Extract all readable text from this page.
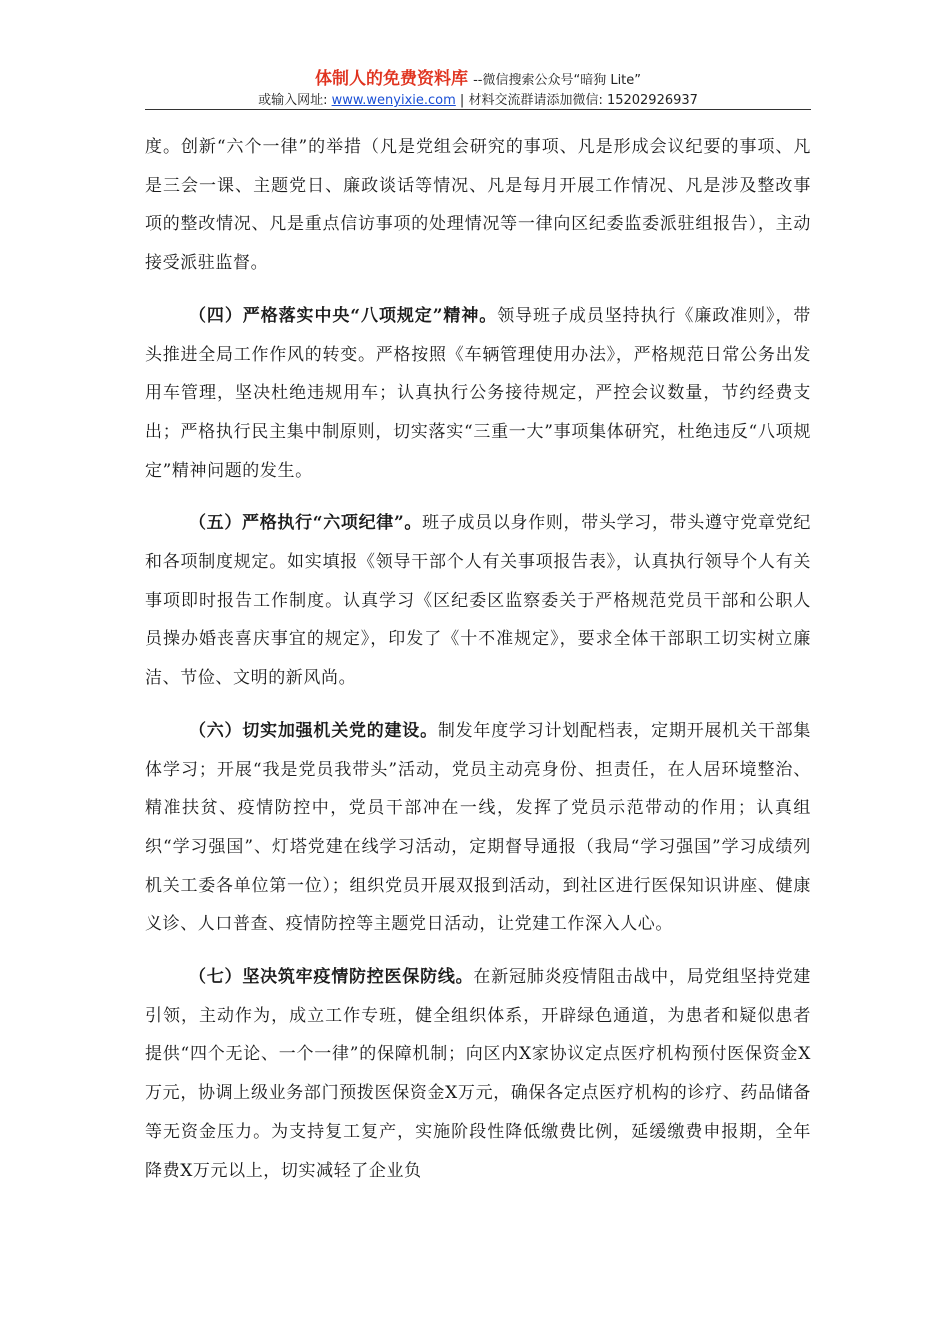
体制人的免费资料库 --微信搜索公众号“暗狗 Lite”
或输入网址: www.wenyixie.com | 材料交流群请添加微信: 15202926937

度。创新“六个一律”的举措（凡是党组会研究的事项、凡是形成会议纪要的事项、凡是三会一课、主题党日、廉政谈话等情况、凡是每月开展工作情况、凡是涉及整改事项的整改情况、凡是重点信访事项的处理情况等一律向区纪委监委派驻组报告），主动接受派驻监督。

（四）严格落实中央“八项规定”精神。领导班子成员坚持执行《廉政准则》，带头推进全局工作作风的转变。严格按照《车辆管理使用办法》，严格规范日常公务出发用车管理，坚决杜绝违规用车；认真执行公务接待规定，严控会议数量，节约经费支出；严格执行民主集中制原则，切实落实“三重一大”事项集体研究，杜绝违反“八项规定”精神问题的发生。

（五）严格执行“六项纪律”。班子成员以身作则，带头学习，带头遵守党章党纪和各项制度规定。如实填报《领导干部个人有关事项报告表》，认真执行领导个人有关事项即时报告工作制度。认真学习《区纪委区监察委关于严格规范党员干部和公职人员操办婚丧喜庆事宜的规定》，印发了《十不准规定》，要求全体干部职工切实树立廉洁、节俭、文明的新风尚。

（六）切实加强机关党的建设。制发年度学习计划配档表，定期开展机关干部集体学习；开展“我是党员我带头”活动，党员主动亮身份、担责任，在人居环境整治、精准扶贫、疫情防控中，党员干部冲在一线，发挥了党员示范带动的作用；认真组织“学习强国”、灯塔党建在线学习活动，定期督导通报（我局“学习强国”学习成绩列机关工委各单位第一位）；组织党员开展双报到活动，到社区进行医保知识讲座、健康义诊、人口普查、疫情防控等主题党日活动，让党建工作深入人心。

（七）坚决筑牢疫情防控医保防线。在新冠肺炎疫情阻击战中，局党组坚持党建引领，主动作为，成立工作专班，健全组织体系，开辟绿色通道，为患者和疑似患者提供“四个无论、一个一律”的保障机制；向区内X家协议定点医疗机构预付医保资金X万元，协调上级业务部门预拨医保资金X万元，确保各定点医疗机构的诊疗、药品储备等无资金压力。为支持复工复产，实施阶段性降低缴费比例，延缓缴费申报期，全年降费X万元以上，切实减轻了企业负
